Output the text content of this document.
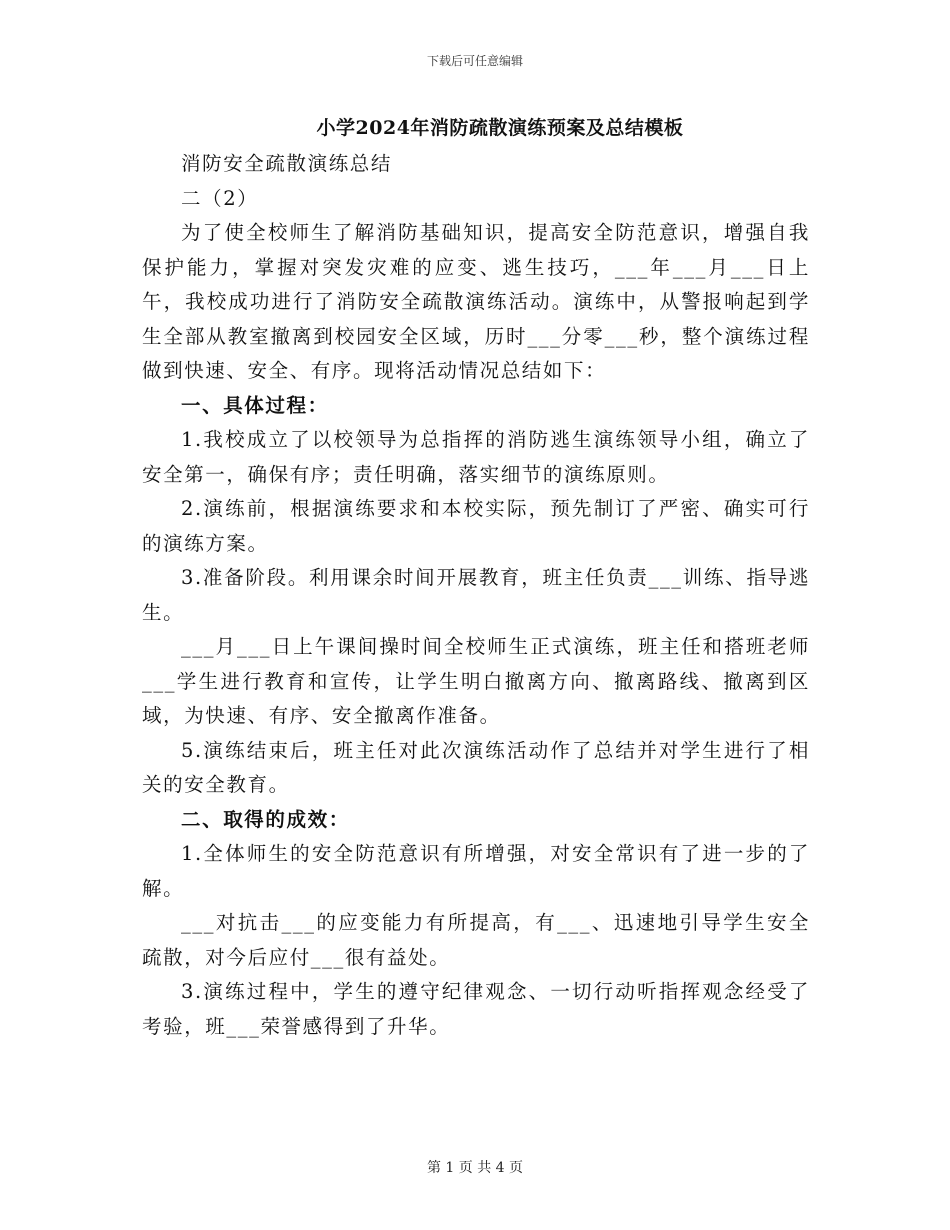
下载后可任意编辑
小学2024年消防疏散演练预案及总结模板

消防安全疏散演练总结

二（2）

为了使全校师生了解消防基础知识，提高安全防范意识，增强自我保护能力，掌握对突发灾难的应变、逃生技巧，___年___月___日上午，我校成功进行了消防安全疏散演练活动。演练中，从警报响起到学生全部从教室撤离到校园安全区域，历时___分零___秒，整个演练过程做到快速、安全、有序。现将活动情况总结如下：

一、具体过程：

1.我校成立了以校领导为总指挥的消防逃生演练领导小组，确立了安全第一，确保有序；责任明确，落实细节的演练原则。

2.演练前，根据演练要求和本校实际，预先制订了严密、确实可行的演练方案。

3.准备阶段。利用课余时间开展教育，班主任负责___训练、指导逃生。

___月___日上午课间操时间全校师生正式演练，班主任和搭班老师___学生进行教育和宣传，让学生明白撤离方向、撤离路线、撤离到区域，为快速、有序、安全撤离作准备。

5.演练结束后，班主任对此次演练活动作了总结并对学生进行了相关的安全教育。

二、取得的成效：

1.全体师生的安全防范意识有所增强，对安全常识有了进一步的了解。

___对抗击___的应变能力有所提高，有___、迅速地引导学生安全疏散，对今后应付___很有益处。

3.演练过程中，学生的遵守纪律观念、一切行动听指挥观念经受了考验，班___荣誉感得到了升华。

第 1 页 共 4 页
